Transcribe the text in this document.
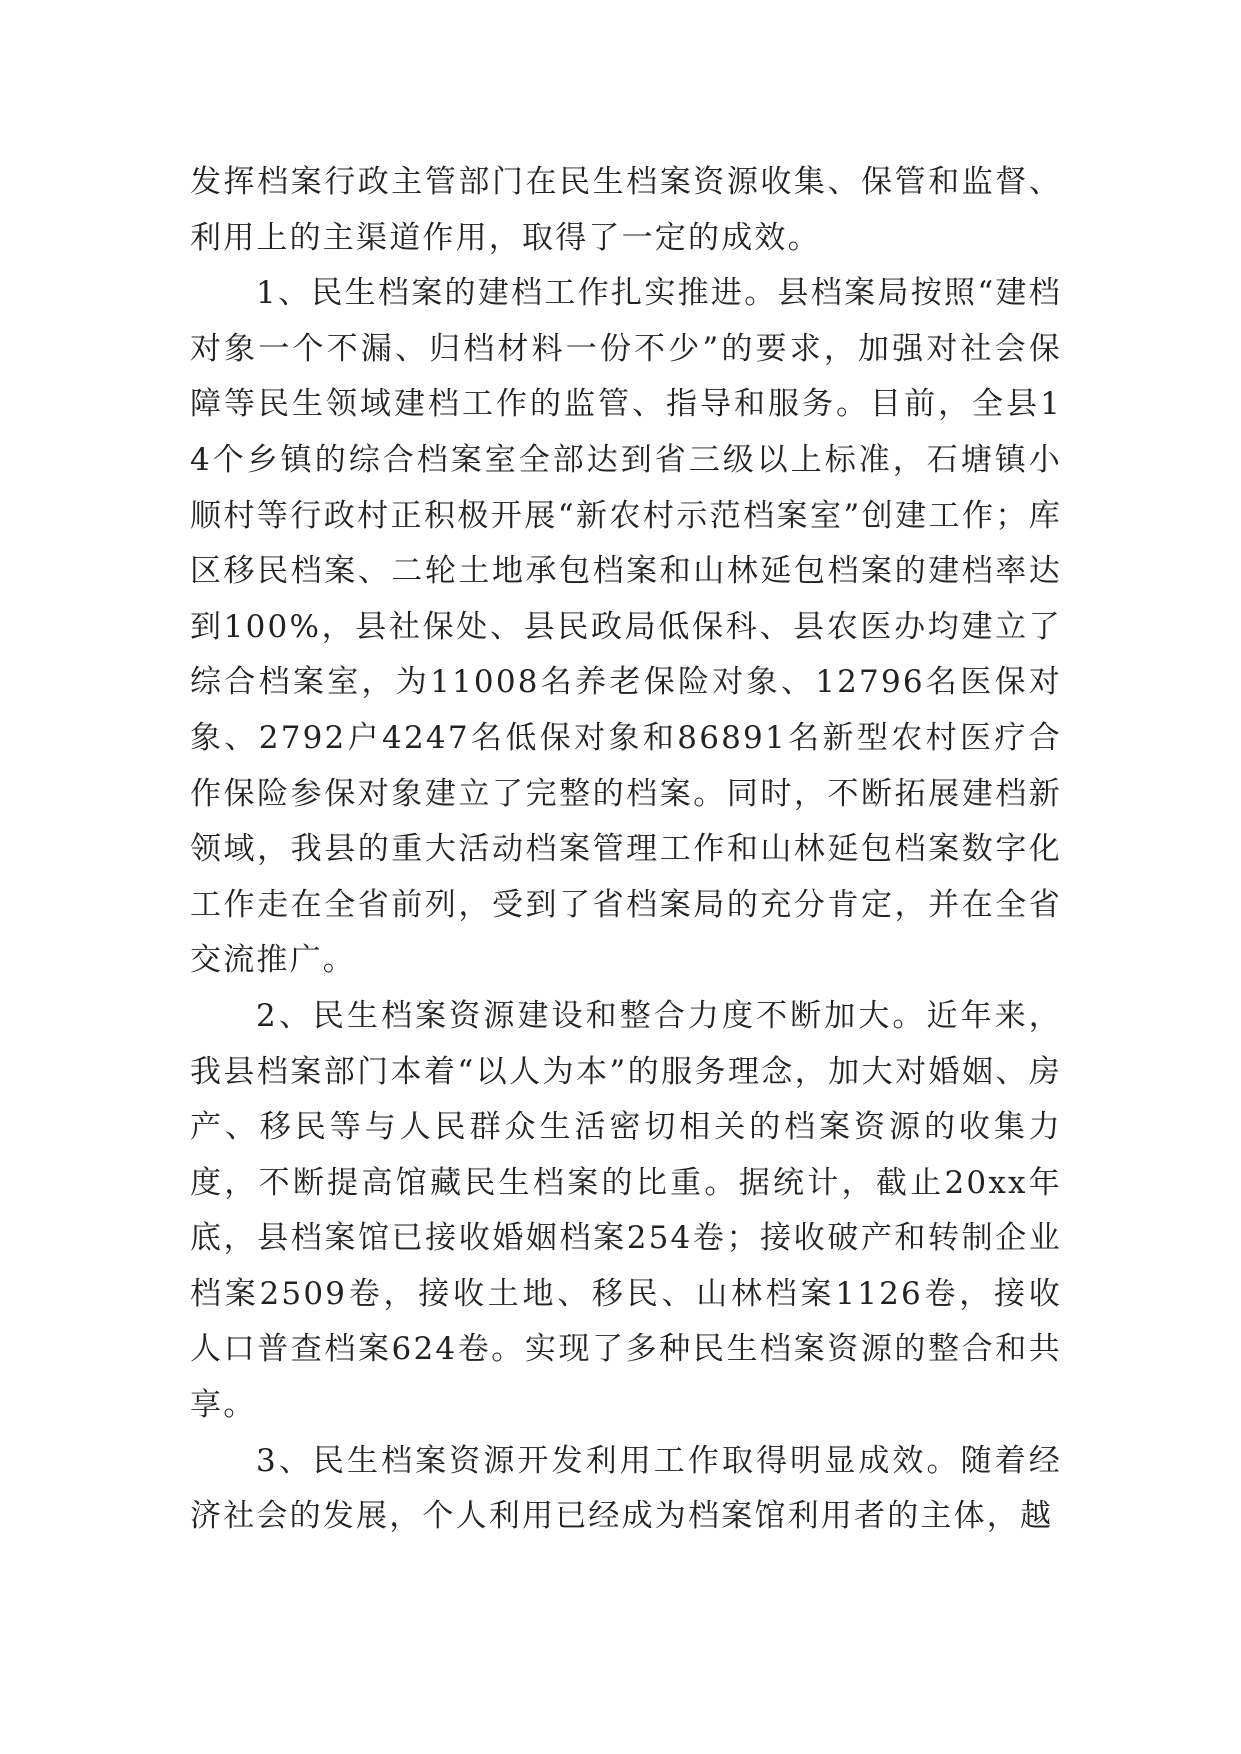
发挥档案行政主管部门在民生档案资源收集、保管和监督、利用上的主渠道作用，取得了一定的成效。

1、民生档案的建档工作扎实推进。县档案局按照“建档对象一个不漏、归档材料一份不少”的要求，加强对社会保障等民生领域建档工作的监管、指导和服务。目前，全县14个乡镇的综合档案室全部达到省三级以上标准，石塘镇小顺村等行政村正积极开展“新农村示范档案室”创建工作；库区移民档案、二轮土地承包档案和山林延包档案的建档率达到100%，县社保处、县民政局低保科、县农医办均建立了综合档案室，为11008名养老保险对象、12796名医保对象、2792户4247名低保对象和86891名新型农村医疗合作保险参保对象建立了完整的档案。同时，不断拓展建档新领域，我县的重大活动档案管理工作和山林延包档案数字化工作走在全省前列，受到了省档案局的充分肯定，并在全省交流推广。

2、民生档案资源建设和整合力度不断加大。近年来，我县档案部门本着“以人为本”的服务理念，加大对婚姻、房产、移民等与人民群众生活密切相关的档案资源的收集力度，不断提高馆藏民生档案的比重。据统计，截止20xx年底，县档案馆已接收婚姻档案254卷；接收破产和转制企业档案2509卷，接收土地、移民、山林档案1126卷，接收人口普查档案624卷。实现了多种民生档案资源的整合和共享。

3、民生档案资源开发利用工作取得明显成效。随着经济社会的发展，个人利用已经成为档案馆利用者的主体，越
